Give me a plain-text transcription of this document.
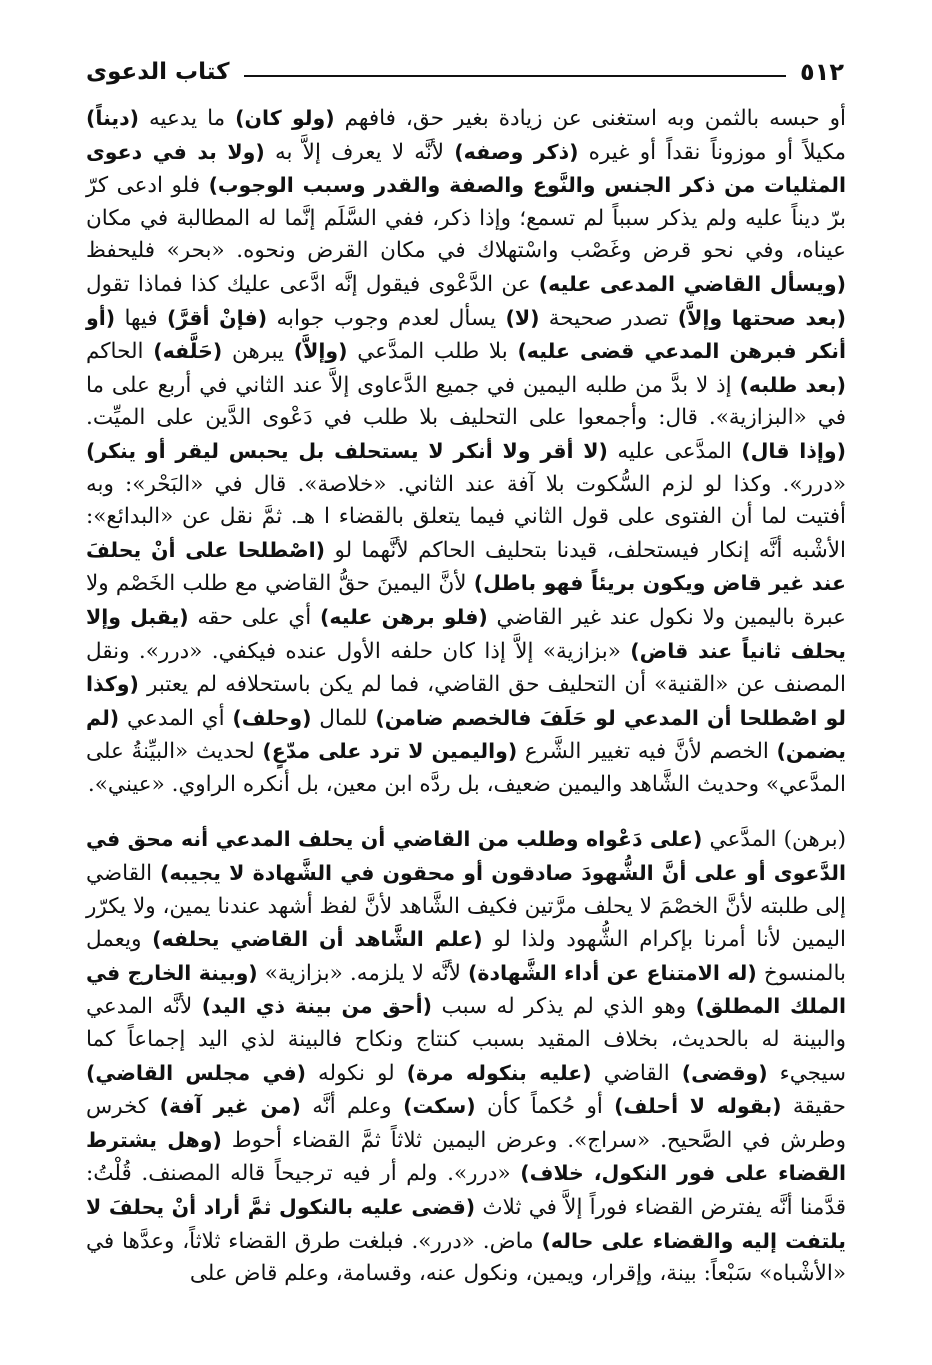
٥١٢
كتاب الدعوى

أو حبسه بالثمن وبه استغنى عن زيادة بغير حق، فافهم (ولو كان) ما يدعيه (ديناً) مكيلاً أو موزوناً نقداً أو غيره (ذكر وصفه) لأنَّه لا يعرف إلاَّ به (ولا بد في دعوى المثليات من ذكر الجنس والنَّوع والصفة والقدر وسبب الوجوب) فلو ادعى كرّ برّ ديناً عليه ولم يذكر سبباً لم تسمع؛ وإذا ذكر، ففي السَّلَم إنَّما له المطالبة في مكان عيناه، وفي نحو قرض وغَصْب واسْتهلاك في مكان القرض ونحوه. «بحر» فليحفظ (ويسأل القاضي المدعى عليه) عن الدَّعْوى فيقول إنَّه ادَّعى عليك كذا فماذا تقول (بعد صحتها وإلاَّ) تصدر صحيحة (لا) يسأل لعدم وجوب جوابه (فإنْ أقرَّ) فيها (أو أنكر فبرهن المدعي قضى عليه) بلا طلب المدَّعي (وإلاَّ) يبرهن (حَلَّفه) الحاكم (بعد طلبه) إذ لا بدَّ من طلبه اليمين في جميع الدَّعاوى إلاَّ عند الثاني في أربع على ما في «البزازية». قال: وأجمعوا على التحليف بلا طلب في دَعْوى الدَّين على الميِّت. (وإذا قال) المدَّعى عليه (لا أقر ولا أنكر لا يستحلف بل يحبس ليقر أو ينكر) «درر». وكذا لو لزم السُّكوت بلا آفة عند الثاني. «خلاصة». قال في «البَحْر»: وبه أفتيت لما أن الفتوى على قول الثاني فيما يتعلق بالقضاء ا هـ. ثمَّ نقل عن «البدائع»: الأشْبه أنَّه إنكار فيستحلف، قيدنا بتحليف الحاكم لأنَّهما لو (اصْطلحا على أنْ يحلفَ عند غير قاض ويكون بريئاً فهو باطل) لأنَّ اليمينَ حقُّ القاضي مع طلب الخَصْم ولا عبرة باليمين ولا نكول عند غير القاضي (فلو برهن عليه) أي على حقه (يقبل وإلا يحلف ثانياً عند قاض) «بزازية» إلاَّ إذا كان حلفه الأول عنده فيكفي. «درر». ونقل المصنف عن «القنية» أن التحليف حق القاضي، فما لم يكن باستحلافه لم يعتبر (وكذا لو اصْطلحا أن المدعي لو حَلَفَ فالخصم ضامن) للمال (وحلف) أي المدعي (لم يضمن) الخصم لأنَّ فيه تغيير الشَّرع (واليمين لا ترد على مدّعٍ) لحديث «البيِّنةُ على المدَّعي» وحديث الشَّاهد واليمين ضعيف، بل ردَّه ابن معين، بل أنكره الراوي. «عيني».

(برهن) المدَّعي (على دَعْواه وطلب من القاضي أن يحلف المدعي أنه محق في الدَّعوى أو على أنَّ الشُّهودَ صادقون أو محقون في الشَّهادة لا يجيبه) القاضي إلى طلبته لأنَّ الخصْمَ لا يحلف مرَّتين فكيف الشَّاهد لأنَّ لفظ أشهد عندنا يمين، ولا يكرّر اليمين لأنا أمرنا بإكرام الشُّهود ولذا لو (علم الشَّاهد أن القاضي يحلفه) ويعمل بالمنسوخ (له الامتناع عن أداء الشَّهادة) لأنَّه لا يلزمه. «بزازية» (وبينة الخارج في الملك المطلق) وهو الذي لم يذكر له سبب (أحق من بينة ذي اليد) لأنَّه المدعي والبينة له بالحديث، بخلاف المقيد بسبب كنتاج ونكاح فالبينة لذي اليد إجماعاً كما سيجيء (وقضى) القاضي (عليه بنكوله مرة) لو نكوله (في مجلس القاضي) حقيقة (بقوله لا أحلف) أو حُكماً كأن (سكت) وعلم أنَّه (من غير آفة) كخرس وطرش في الصَّحيح. «سراج». وعرض اليمين ثلاثاً ثمَّ القضاء أحوط (وهل يشترط القضاء على فور النكول، خلاف) «درر». ولم أر فيه ترجيحاً قاله المصنف. قُلْتُ: قدَّمنا أنَّه يفترض القضاء فوراً إلاَّ في ثلاث (قضى عليه بالنكول ثمَّ أراد أنْ يحلفَ لا يلتفت إليه والقضاء على حاله) ماض. «درر». فبلغت طرق القضاء ثلاثاً، وعدَّها في «الأشْباه» سَبْعاً: بينة، وإقرار، ويمين، ونكول عنه، وقسامة، وعلم قاض على
